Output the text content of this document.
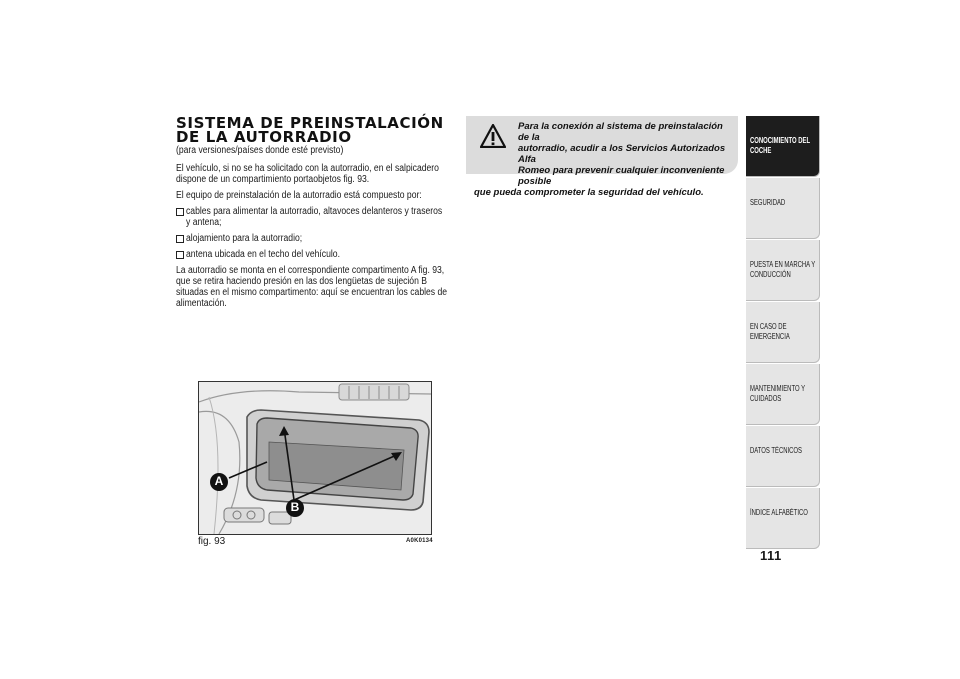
SISTEMA DE PREINSTALACIÓN
DE LA AUTORRADIO
(para versiones/países donde esté previsto)

El vehículo, si no se ha solicitado con la autorradio, en el salpicadero dispone de un compartimiento portaobjetos fig. 93.

El equipo de preinstalación de la autorradio está compuesto por:

cables para alimentar la autorradio, altavoces delanteros y traseros y antena;
alojamiento para la autorradio;
antena ubicada en el techo del vehículo.

La autorradio se monta en el correspondiente compartimento A fig. 93, que se retira haciendo presión en las dos lengüetas de sujeción B situadas en el mismo compartimento: aquí se encuentran los cables de alimentación.

A
B
fig. 93	A0K0134
Para la conexión al sistema de preinstalación de la
autorradio, acudir a los Servicios Autorizados Alfa
Romeo para prevenir cualquier inconveniente posible
que pueda comprometer la seguridad del vehículo.
CONOCIMIENTO DEL COCHE
SEGURIDAD
PUESTA EN MARCHA Y CONDUCCIÓN
EN CASO DE EMERGENCIA
MANTENIMIENTO Y CUIDADOS
DATOS TÉCNICOS
ÍNDICE ALFABÉTICO
111
